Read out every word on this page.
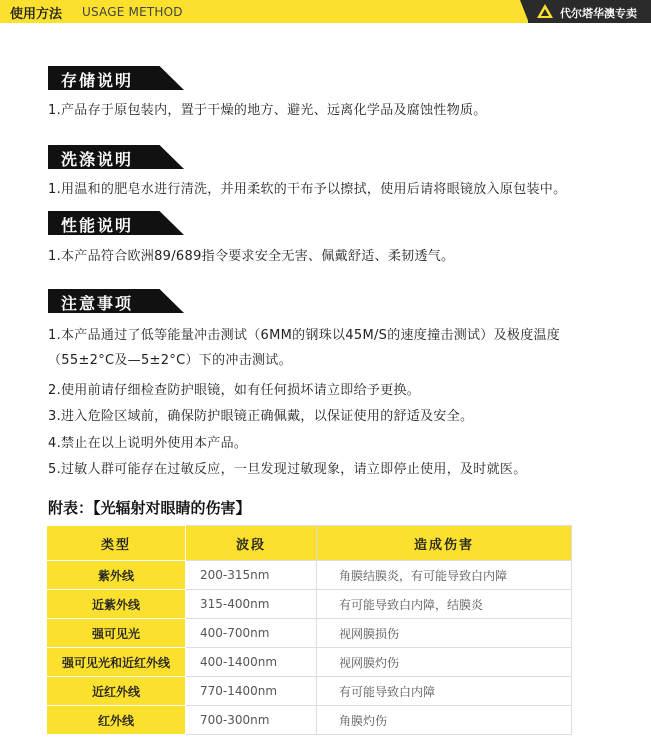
使用方法 USAGE METHOD	代尔塔华澳专卖
存储说明
1.产品存于原包装内，置于干燥的地方、避光、远离化学品及腐蚀性物质。
洗涤说明
1.用温和的肥皂水进行清洗，并用柔软的干布予以擦拭，使用后请将眼镜放入原包装中。
性能说明
1.本产品符合欧洲89/689指令要求安全无害、佩戴舒适、柔韧透气。
注意事项
1.本产品通过了低等能量冲击测试（6MM的钢珠以45M/S的速度撞击测试）及极度温度
（55±2°C及—5±2°C）下的冲击测试。
2.使用前请仔细检查防护眼镜，如有任何损坏请立即给予更换。
3.进入危险区域前，确保防护眼镜正确佩戴，以保证使用的舒适及安全。
4.禁止在以上说明外使用本产品。
5.过敏人群可能存在过敏反应，一旦发现过敏现象，请立即停止使用，及时就医。
附表：【光辐射对眼睛的伤害】
类型	波段	造成伤害
紫外线	200-315nm	角膜结膜炎，有可能导致白内障
近紫外线	315-400nm	有可能导致白内障，结膜炎
强可见光	400-700nm	视网膜损伤
强可见光和近红外线	400-1400nm	视网膜灼伤
近红外线	770-1400nm	有可能导致白内障
红外线	700-300nm	角膜灼伤
